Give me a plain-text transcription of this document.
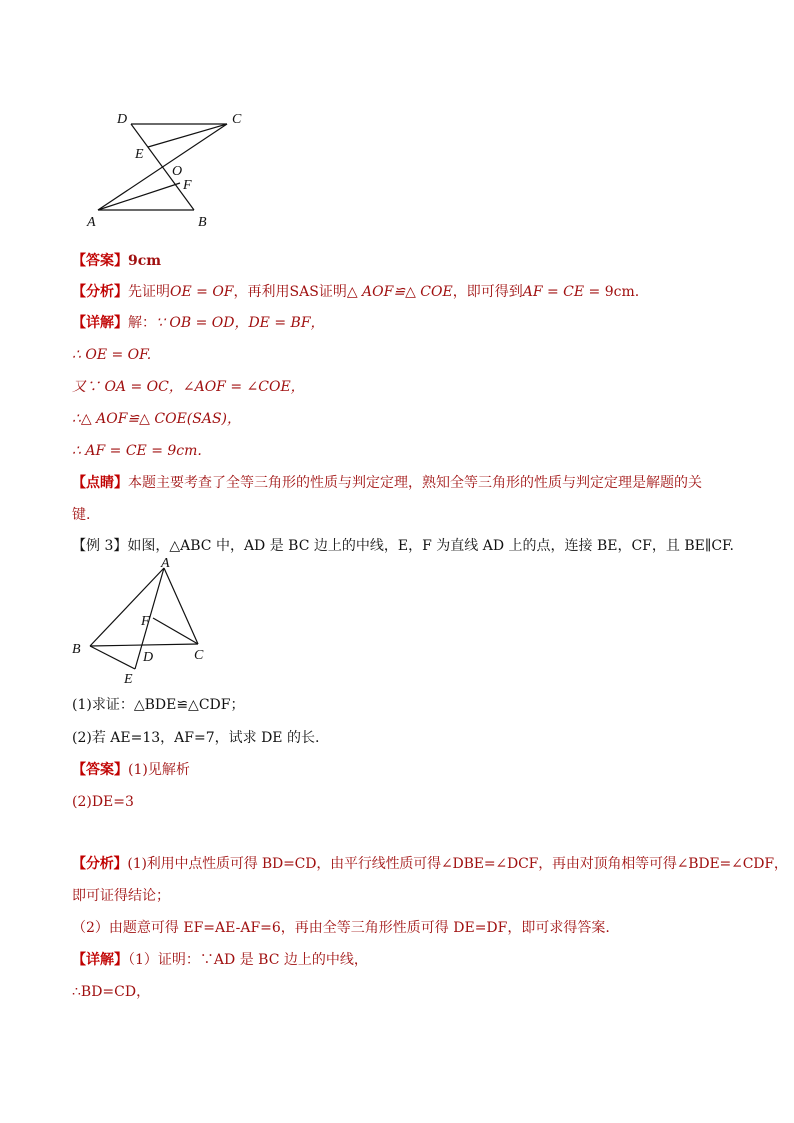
D	C
E
O
F
A	B
【答案】9cm
【分析】先证明OE = OF，再利用SAS证明△ AOF≌△ COE，即可得到AF = CE = 9cm.
【详解】解：∵ OB = OD，DE = BF，
∴ OE = OF.
又∵ OA = OC，∠AOF = ∠COE，
∴△ AOF≌△ COE(SAS)，
∴ AF = CE = 9cm.
【点睛】本题主要考查了全等三角形的性质与判定定理，熟知全等三角形的性质与判定定理是解题的关
键.
【例 3】如图，△ABC 中，AD 是 BC 边上的中线，E，F 为直线 AD 上的点，连接 BE，CF，且 BE∥CF.
A
F
B
D	C
E
(1)求证：△BDE≌△CDF；
(2)若 AE=13，AF=7，试求 DE 的长.
【答案】(1)见解析
(2)DE=3
【分析】(1)利用中点性质可得 BD=CD，由平行线性质可得∠DBE=∠DCF，再由对顶角相等可得∠BDE=∠CDF，
即可证得结论；
（2）由题意可得 EF=AE-AF=6，再由全等三角形性质可得 DE=DF，即可求得答案.
【详解】（1）证明：∵AD 是 BC 边上的中线，
∴BD=CD，
